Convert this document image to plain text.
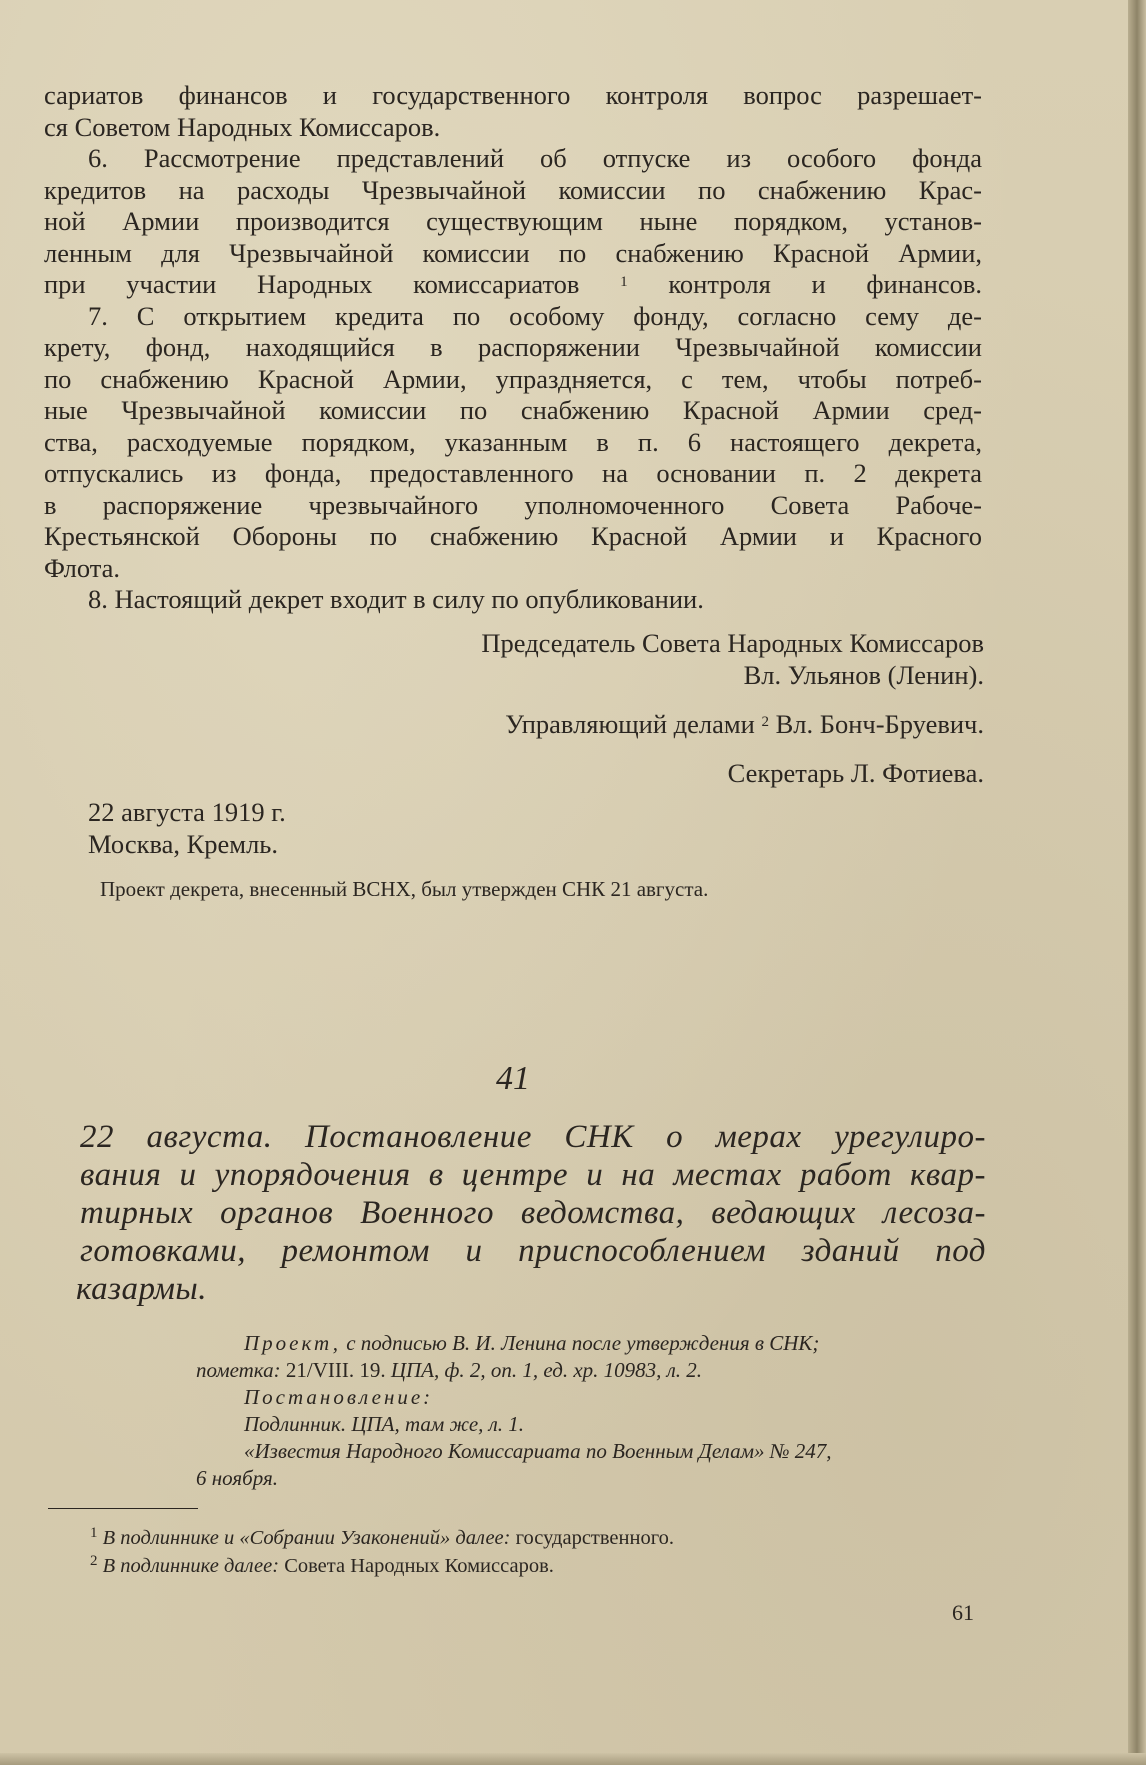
сариатов финансов и государственного контроля вопрос разрешает-
ся Советом Народных Комиссаров.
6. Рассмотрение представлений об отпуске из особого фонда
кредитов на расходы Чрезвычайной комиссии по снабжению Крас-
ной Армии производится существующим ныне порядком, установ-
ленным для Чрезвычайной комиссии по снабжению Красной Армии,
при участии Народных комиссариатов $^1$ контроля и финансов.
7. С открытием кредита по особому фонду, согласно сему де-
крету, фонд, находящийся в распоряжении Чрезвычайной комиссии
по снабжению Красной Армии, упраздняется, с тем, чтобы потреб-
ные Чрезвычайной комиссии по снабжению Красной Армии сред-
ства, расходуемые порядком, указанным в п. 6 настоящего декрета,
отпускались из фонда, предоставленного на основании п. 2 декрета
в распоряжение чрезвычайного уполномоченного Совета Рабоче-
Крестьянской Обороны по снабжению Красной Армии и Красного
Флота.
8. Настоящий декрет входит в силу по опубликовании.
Председатель Совета Народных Комиссаров
Вл. Ульянов (Ленин).
Управляющий делами $^2$ Вл. Бонч-Бруевич.
Секретарь Л. Фотиева.
22 августа 1919 г.
Москва, Кремль.
Проект декрета, внесенный ВСНХ, был утвержден СНК 21 августа.
41
22 августа. Постановление СНК о мерах урегулиро-
вания и упорядочения в центре и на местах работ квар-
тирных органов Военного ведомства, ведающих лесоза-
готовками, ремонтом и приспособлением зданий под
казармы.
Проект, с подписью В. И. Ленина после утверждения в СНК;
пометка: 21/VIII. 19. ЦПА, ф. 2, оп. 1, ед. хр. 10983, л. 2.
Постановление:
Подлинник. ЦПА, там же, л. 1.
«Известия Народного Комиссариата по Военным Делам» № 247,
6 ноября.
$^1$ В подлиннике и «Собрании Узаконений» далее: государственного.
$^2$ В подлиннике далее: Совета Народных Комиссаров.
61
